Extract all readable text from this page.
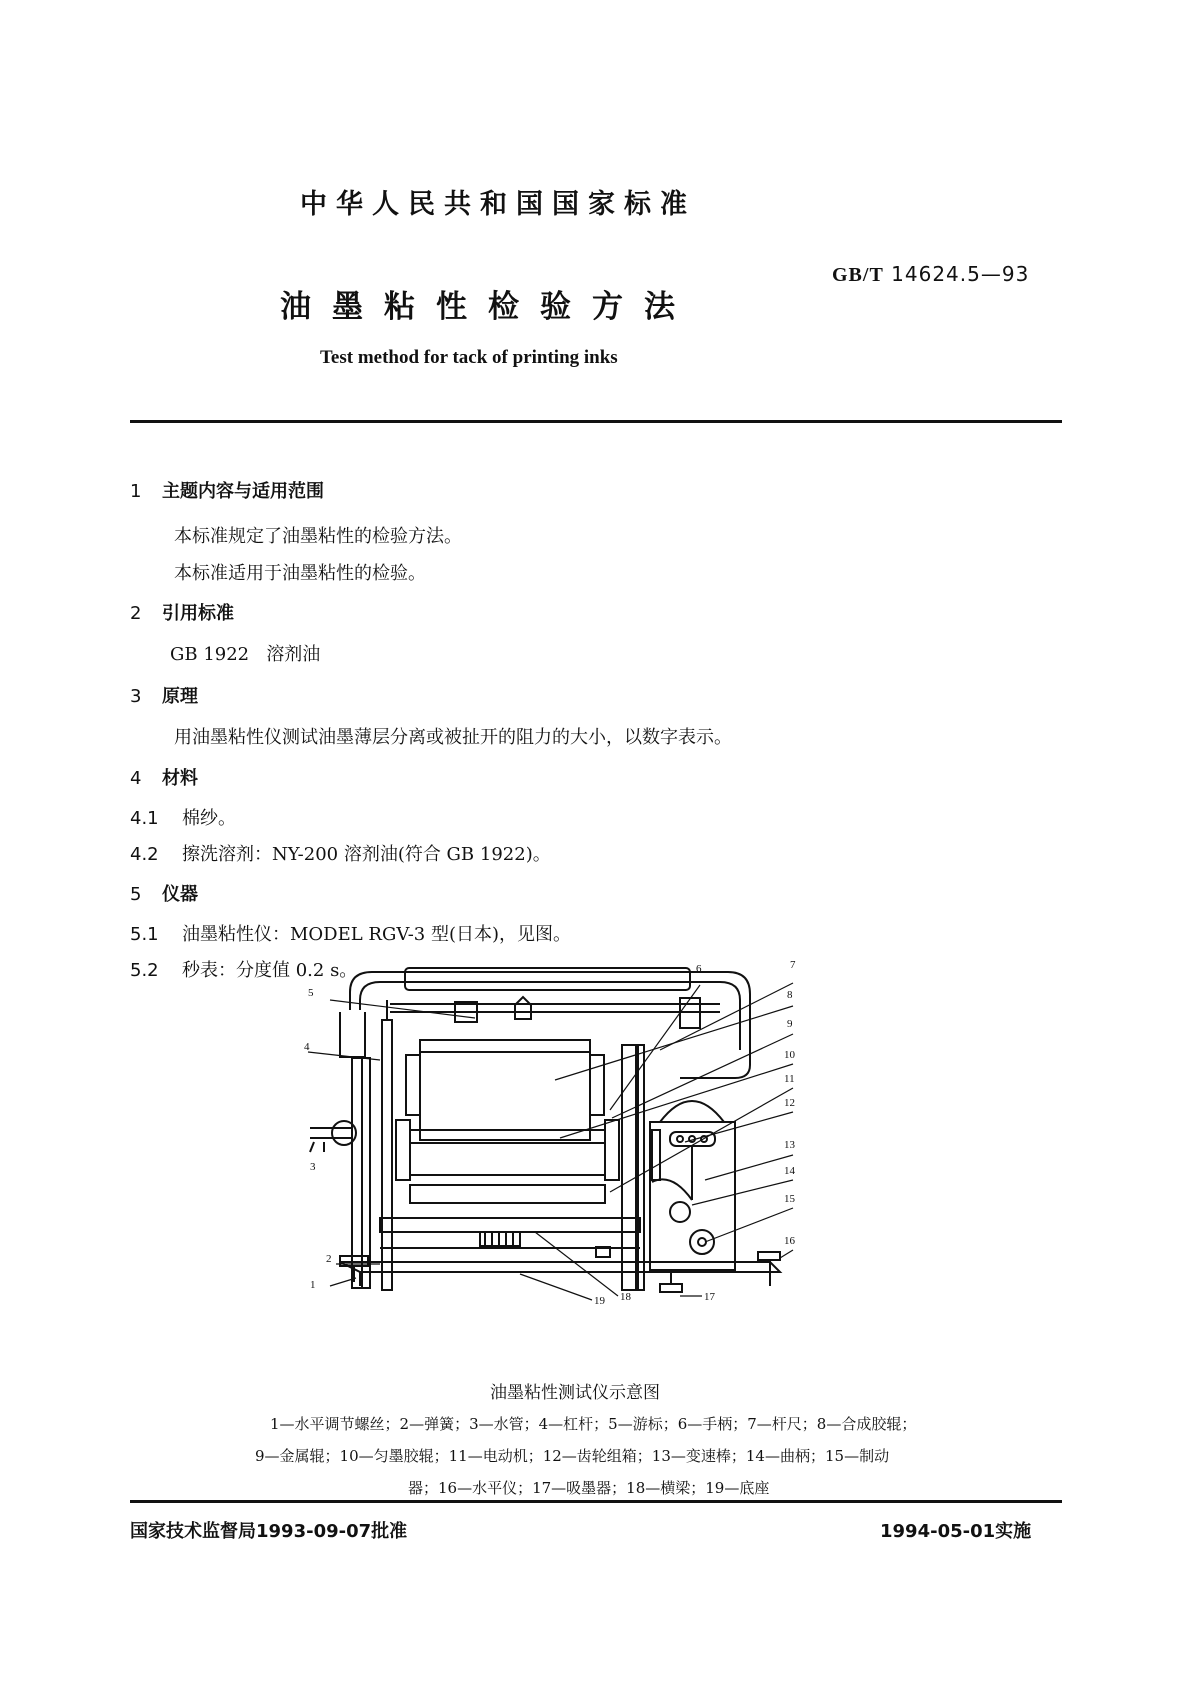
中华人民共和国国家标准
GB/T 14624.5—93
油墨粘性检验方法
Test method for tack of printing inks
1 主题内容与适用范围
本标准规定了油墨粘性的检验方法。
本标准适用于油墨粘性的检验。
2 引用标准
GB 1922 溶剂油
3 原理
用油墨粘性仪测试油墨薄层分离或被扯开的阻力的大小，以数字表示。
4 材料
4.1 棉纱。
4.2 擦洗溶剂：NY-200 溶剂油(符合 GB 1922)。
5 仪器
5.1 油墨粘性仪：MODEL RGV-3 型(日本)，见图。
5.2 秒表：分度值 0.2 s。
5
4
3
2
1
6	7
8
9
10
11
12
13
14
15
16
17
18
19
油墨粘性测试仪示意图
1—水平调节螺丝；2—弹簧；3—水管；4—杠杆；5—游标；6—手柄；7—杆尺；8—合成胶辊；
9—金属辊；10—匀墨胶辊；11—电动机；12—齿轮组箱；13—变速棒；14—曲柄；15—制动
器；16—水平仪；17—吸墨器；18—横梁；19—底座
国家技术监督局1993-09-07批准	1994-05-01实施
